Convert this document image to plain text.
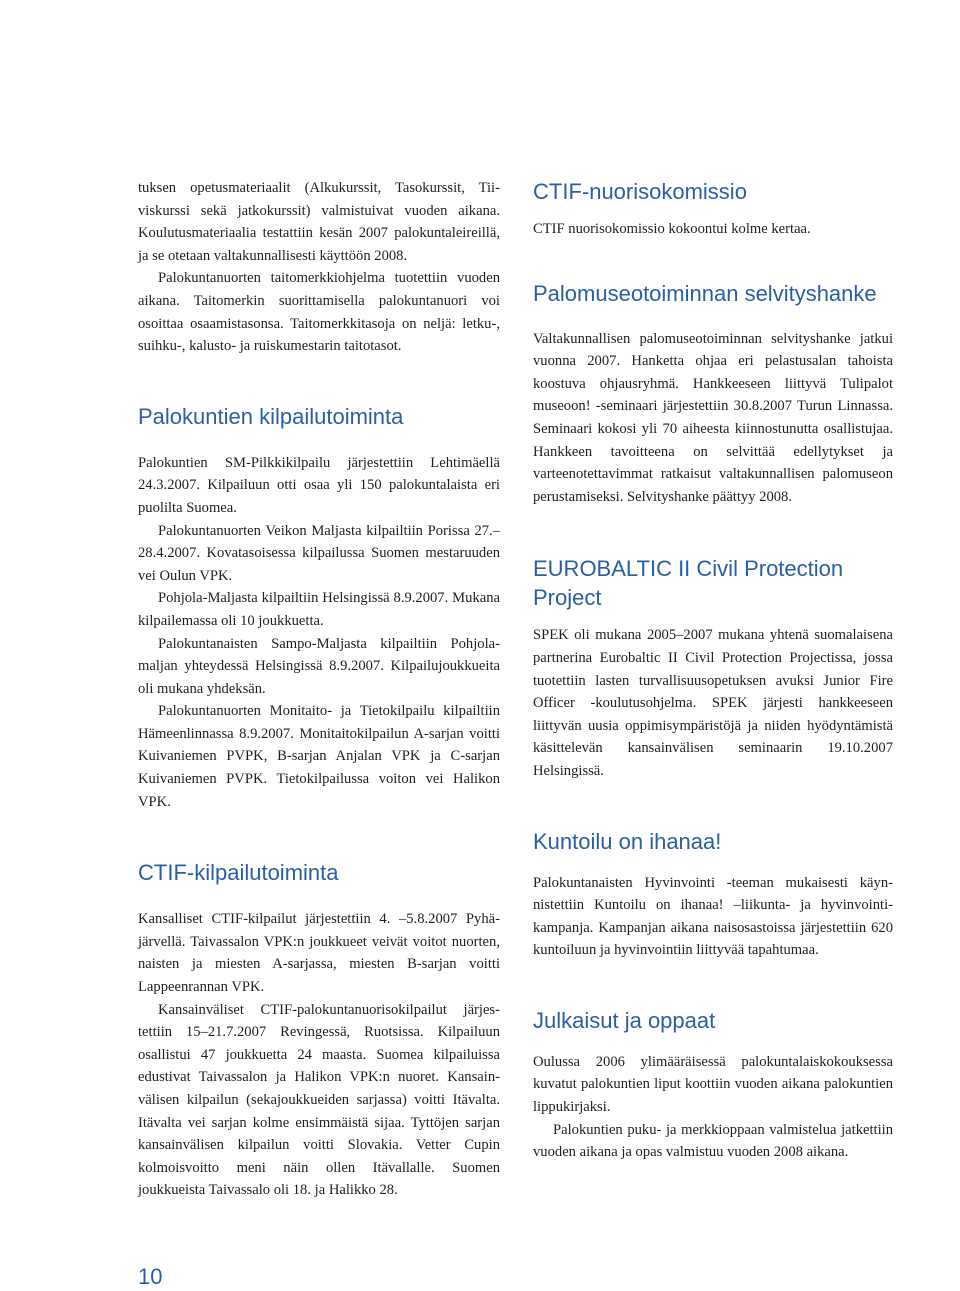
tuksen opetusmateriaalit (Alkukurssit, Tasokurssit, Tiiviskurssi sekä jatkokurssit) valmistuivat vuoden aikana. Koulutusmateriaalia testattiin kesän 2007 palokuntaleireillä, ja se otetaan valtakunnallisesti käyttöön 2008.

Palokuntanuorten taitomerkkiohjelma tuotettiin vuoden aikana. Taitomerkin suorittamisella palokuntanuori voi osoittaa osaamistasonsa. Taitomerkkitasoja on neljä: letku-, suihku-, kalusto- ja ruiskumestarin taitotasot.

Palokuntien kilpailutoiminta

Palokuntien SM-Pilkkikilpailu järjestettiin Lehtimäellä 24.3.2007. Kilpailuun otti osaa yli 150 palokuntalaista eri puolilta Suomea.

Palokuntanuorten Veikon Maljasta kilpailtiin Porissa 27.–28.4.2007. Kovatasoisessa kilpailussa Suomen mestaruuden vei Oulun VPK.

Pohjola-Maljasta kilpailtiin Helsingissä 8.9.2007. Mukana kilpailemassa oli 10 joukkuetta.

Palokuntanaisten Sampo-Maljasta kilpailtiin Pohjolamaljan yhteydessä Helsingissä 8.9.2007. Kilpailujoukkueita oli mukana yhdeksän.

Palokuntanuorten Monitaito- ja Tietokilpailu kilpailtiin Hämeenlinnassa 8.9.2007. Monitaitokilpailun A-sarjan voitti Kuivaniemen PVPK, B-sarjan Anjalan VPK ja C-sarjan Kuivaniemen PVPK. Tietokilpailussa voiton vei Halikon VPK.

CTIF-kilpailutoiminta

Kansalliset CTIF-kilpailut järjestettiin 4. –5.8.2007 Pyhäjärvellä. Taivassalon VPK:n joukkueet veivät voitot nuorten, naisten ja miesten A-sarjassa, miesten B-sarjan voitti Lappeenrannan VPK.

Kansainväliset CTIF-palokuntanuorisokilpailut järjestettiin 15–21.7.2007 Revingessä, Ruotsissa. Kilpailuun osallistui 47 joukkuetta 24 maasta. Suomea kilpailuissa edustivat Taivassalon ja Halikon VPK:n nuoret. Kansainvälisen kilpailun (sekajoukkueiden sarjassa) voitti Itävalta. Itävalta vei sarjan kolme ensimmäistä sijaa. Tyttöjen sarjan kansainvälisen kilpailun voitti Slovakia. Vetter Cupin kolmoisvoitto meni näin ollen Itävallalle. Suomen joukkueista Taivassalo oli 18. ja Halikko 28.

CTIF-nuorisokomissio

CTIF nuorisokomissio kokoontui kolme kertaa.

Palomuseotoiminnan selvityshanke

Valtakunnallisen palomuseotoiminnan selvityshanke jatkui vuonna 2007. Hanketta ohjaa eri pelastusalan tahoista koostuva ohjausryhmä. Hankkeeseen liittyvä Tulipalot museoon! -seminaari järjestettiin 30.8.2007 Turun Linnassa. Seminaari kokosi yli 70 aiheesta kiinnostunutta osallistujaa. Hankkeen tavoitteena on selvittää edellytykset ja varteenotettavimmat ratkaisut valtakunnallisen palomuseon perustamiseksi. Selvityshanke päättyy 2008.

EUROBALTIC II Civil Protection Project

SPEK oli mukana 2005–2007 mukana yhtenä suomalaisena partnerina Eurobaltic II Civil Protection Projectissa, jossa tuotettiin lasten turvallisuusopetuksen avuksi Junior Fire Officer -koulutusohjelma. SPEK järjesti hankkeeseen liittyvän uusia oppimisympäristöjä ja niiden hyödyntämistä käsittelevän kansainvälisen seminaarin 19.10.2007 Helsingissä.

Kuntoilu on ihanaa!

Palokuntanaisten Hyvinvointi -teeman mukaisesti käynnistettiin Kuntoilu on ihanaa! –liikunta- ja hyvinvointikampanja. Kampanjan aikana naisosastoissa järjestettiin 620 kuntoiluun ja hyvinvointiin liittyvää tapahtumaa.

Julkaisut ja oppaat

Oulussa 2006 ylimääräisessä palokuntalaiskokouksessa kuvatut palokuntien liput koottiin vuoden aikana palokuntien lippukirjaksi.

Palokuntien puku- ja merkkioppaan valmistelua jatkettiin vuoden aikana ja opas valmistuu vuoden 2008 aikana.

10
